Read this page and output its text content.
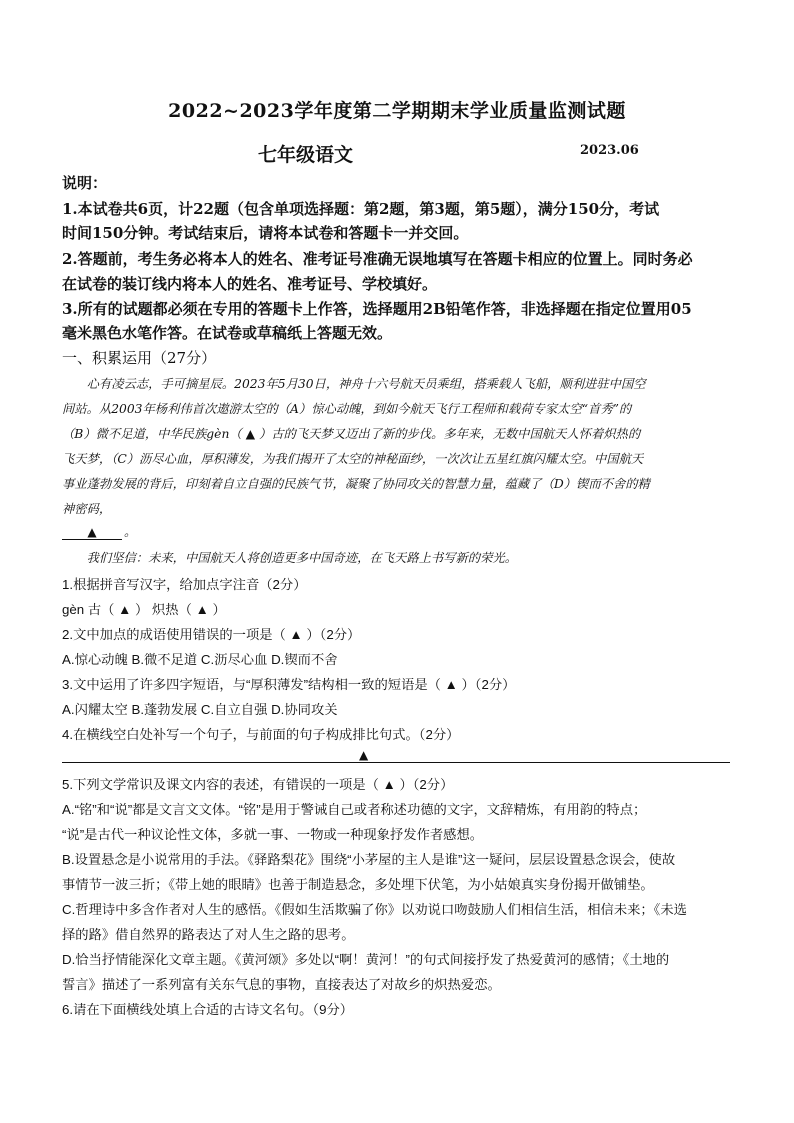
2022~2023学年度第二学期期末学业质量监测试题
七年级语文	2023.06
说明：
1.本试卷共6页，计22题（包含单项选择题：第2题，第3题，第5题），满分150分，考试
时间150分钟。考试结束后，请将本试卷和答题卡一并交回。
2.答题前，考生务必将本人的姓名、准考证号准确无误地填写在答题卡相应的位置上。同时务必
在试卷的装订线内将本人的姓名、准考证号、学校填好。
3.所有的试题都必须在专用的答题卡上作答，选择题用2B铅笔作答，非选择题在指定位置用05
毫米黑色水笔作答。在试卷或草稿纸上答题无效。
一、积累运用（27分）
　　心有凌云志，手可摘星辰。2023年5月30日，神舟十六号航天员乘组，搭乘载人飞船，顺利进驻中国空
间站。从2003年杨利伟首次遨游太空的（A）惊心动魄，到如今航天飞行工程师和载荷专家太空“首秀”的
（B）微不足道，中华民族gèn（ ▲ ）古的飞天梦又迈出了新的步伐。多年来，无数中国航天人怀着炽热的
飞天梦，（C）沥尽心血，厚积薄发，为我们揭开了太空的神秘面纱，一次次让五星红旗闪耀太空。中国航天
事业蓬勃发展的背后，印刻着自立自强的民族气节，凝聚了协同攻关的智慧力量，蕴藏了（D）锲而不舍的精
神密码，
▲ 。
　　我们坚信：未来，中国航天人将创造更多中国奇迹，在飞天路上书写新的荣光。
1.根据拼音写汉字，给加点字注音（2分）
gèn 古（ ▲ ） 炽热（ ▲ ）
2.文中加点的成语使用错误的一项是（ ▲ ）（2分）
A.惊心动魄 B.微不足道 C.沥尽心血 D.锲而不舍
3.文中运用了许多四字短语，与“厚积薄发”结构相一致的短语是（ ▲ ）（2分）
A.闪耀太空 B.蓬勃发展 C.自立自强 D.协同攻关
4.在横线空白处补写一个句子，与前面的句子构成排比句式。（2分）
▲
5.下列文学常识及课文内容的表述，有错误的一项是（ ▲ ）（2分）
A.“铭”和“说”都是文言文文体。“铭”是用于警诫自己或者称述功德的文字，文辞精炼，有用韵的特点；
“说”是古代一种议论性文体，多就一事、一物或一种现象抒发作者感想。
B.设置悬念是小说常用的手法。《驿路梨花》围绕“小茅屋的主人是谁”这一疑问，层层设置悬念误会，使故
事情节一波三折；《带上她的眼睛》也善于制造悬念，多处埋下伏笔，为小姑娘真实身份揭开做铺垫。
C.哲理诗中多含作者对人生的感悟。《假如生活欺骗了你》以劝说口吻鼓励人们相信生活，相信未来；《未选
择的路》借自然界的路表达了对人生之路的思考。
D.恰当抒情能深化文章主题。《黄河颂》多处以“啊！黄河！”的句式间接抒发了热爱黄河的感情；《土地的
誓言》描述了一系列富有关东气息的事物，直接表达了对故乡的炽热爱恋。
6.请在下面横线处填上合适的古诗文名句。（9分）
